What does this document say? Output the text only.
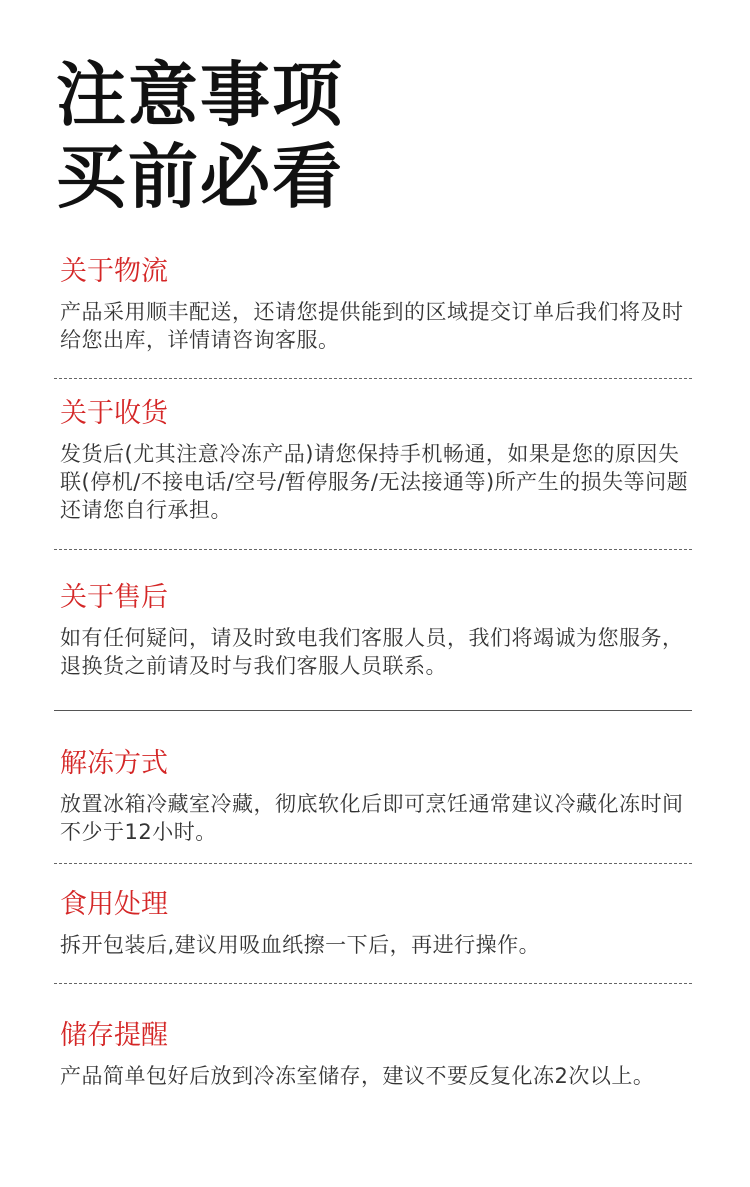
注意事项
买前必看
关于物流

产品采用顺丰配送，还请您提供能到的区域提交订单后我们将及时给您出库，详情请咨询客服。

关于收货

发货后(尤其注意冷冻产品)请您保持手机畅通，如果是您的原因失联(停机/不接电话/空号/暂停服务/无法接通等)所产生的损失等问题还请您自行承担。

关于售后

如有任何疑问，请及时致电我们客服人员，我们将竭诚为您服务，退换货之前请及时与我们客服人员联系。

解冻方式

放置冰箱冷藏室冷藏，彻底软化后即可烹饪通常建议冷藏化冻时间不少于12小时。

食用处理

拆开包装后,建议用吸血纸擦一下后，再进行操作。

储存提醒

产品简单包好后放到冷冻室储存，建议不要反复化冻2次以上。
